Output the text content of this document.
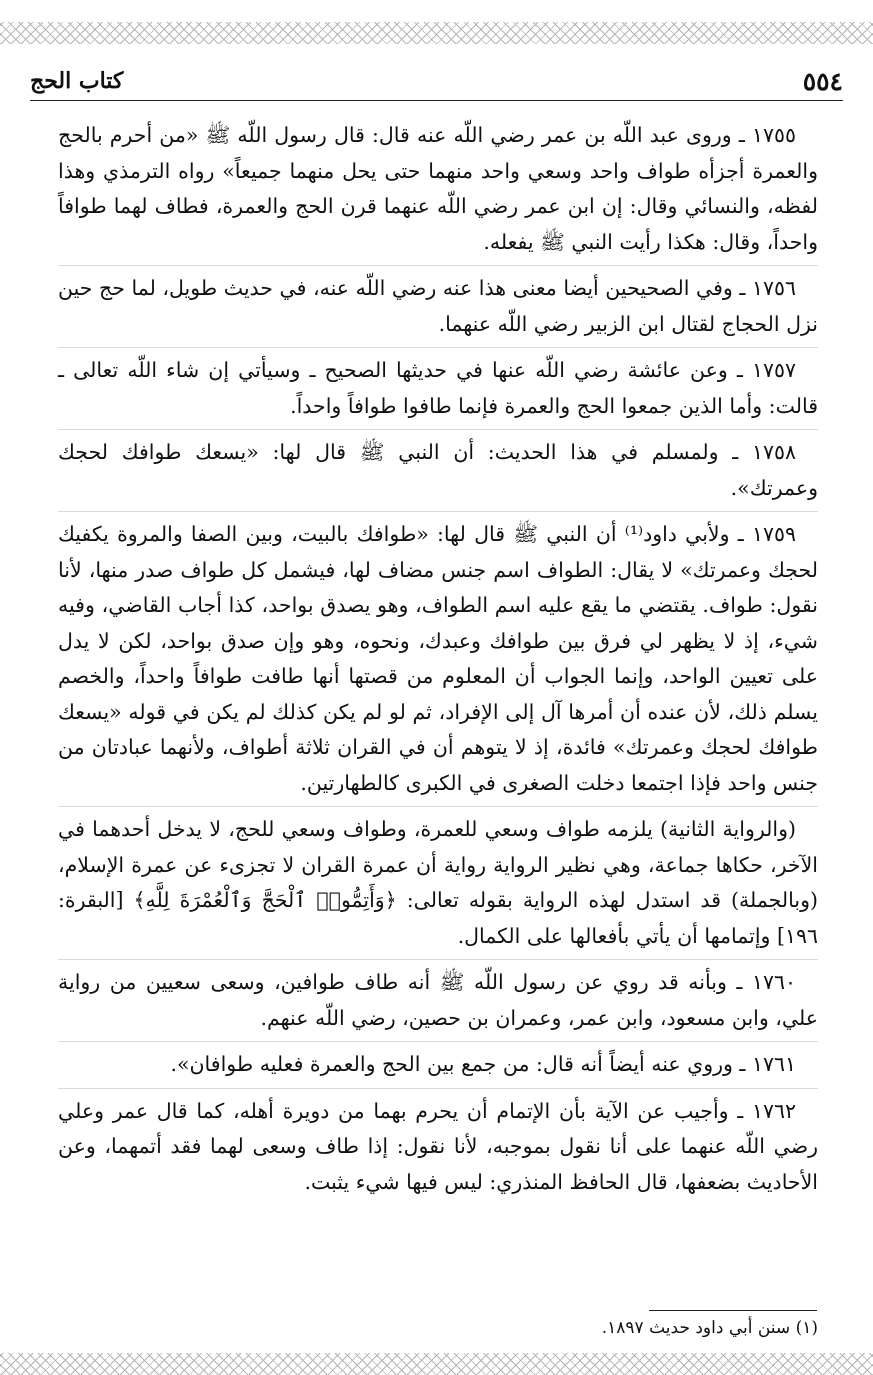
٥٥٤
كتاب الحج

١٧٥٥ ـ وروى عبد اللّه بن عمر رضي اللّه عنه قال: قال رسول اللّه ﷺ «من أحرم بالحج والعمرة أجزأه طواف واحد وسعي واحد منهما حتى يحل منهما جميعاً» رواه الترمذي وهذا لفظه، والنسائي وقال: إن ابن عمر رضي اللّه عنهما قرن الحج والعمرة، فطاف لهما طوافاً واحداً، وقال: هكذا رأيت النبي ﷺ يفعله.

١٧٥٦ ـ وفي الصحيحين أيضا معنى هذا عنه رضي اللّه عنه، في حديث طويل، لما حج حين نزل الحجاج لقتال ابن الزبير رضي اللّه عنهما.

١٧٥٧ ـ وعن عائشة رضي اللّه عنها في حديثها الصحيح ـ وسيأتي إن شاء اللّه تعالى ـ قالت: وأما الذين جمعوا الحج والعمرة فإنما طافوا طوافاً واحداً.

١٧٥٨ ـ ولمسلم في هذا الحديث: أن النبي ﷺ قال لها: «يسعك طوافك لحجك وعمرتك».

١٧٥٩ ـ ولأبي داود⁽¹⁾ أن النبي ﷺ قال لها: «طوافك بالبيت، وبين الصفا والمروة يكفيك لحجك وعمرتك» لا يقال: الطواف اسم جنس مضاف لها، فيشمل كل طواف صدر منها، لأنا نقول: طواف. يقتضي ما يقع عليه اسم الطواف، وهو يصدق بواحد، كذا أجاب القاضي، وفيه شيء، إذ لا يظهر لي فرق بين طوافك وعبدك، ونحوه، وهو وإن صدق بواحد، لكن لا يدل على تعيين الواحد، وإنما الجواب أن المعلوم من قصتها أنها طافت طوافاً واحداً، والخصم يسلم ذلك، لأن عنده أن أمرها آل إلى الإفراد، ثم لو لم يكن كذلك لم يكن في قوله «يسعك طوافك لحجك وعمرتك» فائدة، إذ لا يتوهم أن في القران ثلاثة أطواف، ولأنهما عبادتان من جنس واحد فإذا اجتمعا دخلت الصغرى في الكبرى كالطهارتين.

(والرواية الثانية) يلزمه طواف وسعي للعمرة، وطواف وسعي للحج، لا يدخل أحدهما في الآخر، حكاها جماعة، وهي نظير الرواية رواية أن عمرة القران لا تجزىء عن عمرة الإسلام، (وبالجملة) قد استدل لهذه الرواية بقوله تعالى: ﴿وَأَتِمُّوا۟ ٱلْحَجَّ وَٱلْعُمْرَةَ لِلَّهِ﴾ [البقرة: ١٩٦] وإتمامها أن يأتي بأفعالها على الكمال.

١٧٦٠ ـ وبأنه قد روي عن رسول اللّه ﷺ أنه طاف طوافين، وسعى سعيين من رواية علي، وابن مسعود، وابن عمر، وعمران بن حصين، رضي اللّه عنهم.

١٧٦١ ـ وروي عنه أيضاً أنه قال: من جمع بين الحج والعمرة فعليه طوافان».

١٧٦٢ ـ وأجيب عن الآية بأن الإتمام أن يحرم بهما من دويرة أهله، كما قال عمر وعلي رضي اللّه عنهما على أنا نقول بموجبه، لأنا نقول: إذا طاف وسعى لهما فقد أتمهما، وعن الأحاديث بضعفها، قال الحافظ المنذري: ليس فيها شيء يثبت.

(١) سنن أبي داود حديث ١٨٩٧.
